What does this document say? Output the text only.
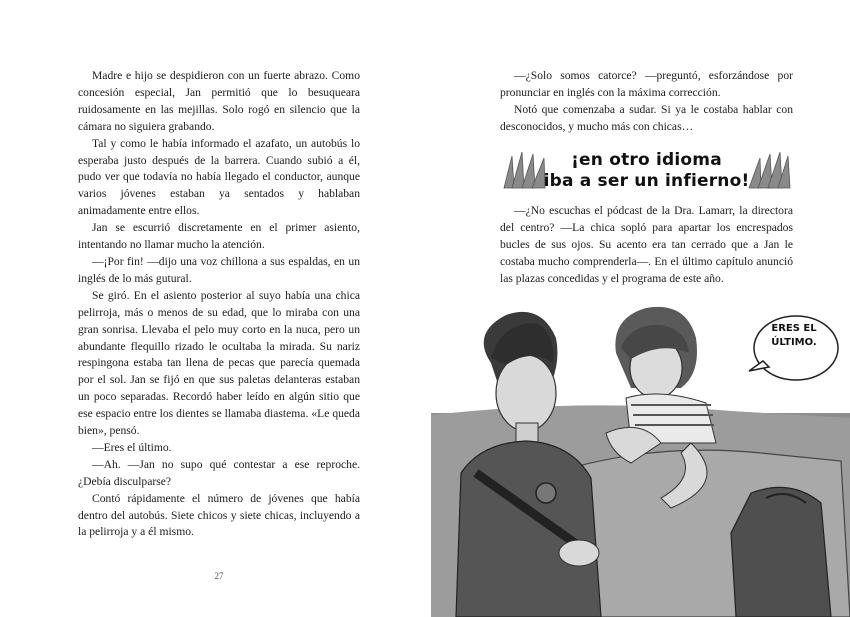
Madre e hijo se despidieron con un fuerte abrazo. Como concesión especial, Jan permitió que lo besuqueara ruidosamente en las mejillas. Solo rogó en silencio que la cámara no siguiera grabando.

Tal y como le había informado el azafato, un autobús lo esperaba justo después de la barrera. Cuando subió a él, pudo ver que todavía no había llegado el conductor, aunque varios jóvenes estaban ya sentados y hablaban animadamente entre ellos.

Jan se escurrió discretamente en el primer asiento, intentando no llamar mucho la atención.

—¡Por fin! —dijo una voz chillona a sus espaldas, en un inglés de lo más gutural.

Se giró. En el asiento posterior al suyo había una chica pelirroja, más o menos de su edad, que lo miraba con una gran sonrisa. Llevaba el pelo muy corto en la nuca, pero un abundante flequillo rizado le ocultaba la mirada. Su nariz respingona estaba tan llena de pecas que parecía quemada por el sol. Jan se fijó en que sus paletas delanteras estaban un poco separadas. Recordó haber leído en algún sitio que ese espacio entre los dientes se llamaba diastema. «Le queda bien», pensó.

—Eres el último.

—Ah. —Jan no supo qué contestar a ese reproche. ¿Debía disculparse?

Contó rápidamente el número de jóvenes que había dentro del autobús. Siete chicos y siete chicas, incluyendo a la pelirroja y a él mismo.

27

—¿Solo somos catorce? —preguntó, esforzándose por pronunciar en inglés con la máxima corrección.

Notó que comenzaba a sudar. Si ya le costaba hablar con desconocidos, y mucho más con chicas…

¡en otro idioma
iba a ser un infierno!

—¿No escuchas el pódcast de la Dra. Lamarr, la directora del centro? —La chica sopló para apartar los encrespados bucles de sus ojos. Su acento era tan cerrado que a Jan le costaba mucho comprenderla—. En el último capítulo anunció las plazas concedidas y el programa de este año.

ERES EL
ÚLTIMO.
